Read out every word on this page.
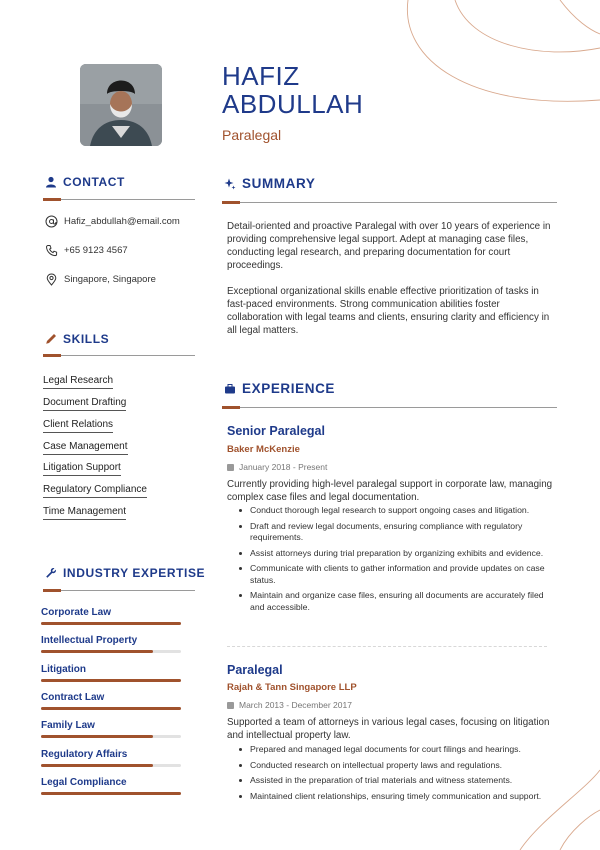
HAFIZ
ABDULLAH
Paralegal
CONTACT
Hafiz_abdullah@email.com
+65 9123 4567
Singapore, Singapore
SKILLS
Legal Research
Document Drafting
Client Relations
Case Management
Litigation Support
Regulatory Compliance
Time Management
INDUSTRY EXPERTISE
Corporate Law
Intellectual Property
Litigation
Contract Law
Family Law
Regulatory Affairs
Legal Compliance
SUMMARY
Detail-oriented and proactive Paralegal with over 10 years of experience in providing comprehensive legal support. Adept at managing case files, conducting legal research, and preparing documentation for court proceedings.
Exceptional organizational skills enable effective prioritization of tasks in fast-paced environments. Strong communication abilities foster collaboration with legal teams and clients, ensuring clarity and efficiency in all legal matters.
EXPERIENCE
Senior Paralegal
Baker McKenzie
January 2018 - Present
Currently providing high-level paralegal support in corporate law, managing complex case files and legal documentation.
Conduct thorough legal research to support ongoing cases and litigation.
Draft and review legal documents, ensuring compliance with regulatory requirements.
Assist attorneys during trial preparation by organizing exhibits and evidence.
Communicate with clients to gather information and provide updates on case status.
Maintain and organize case files, ensuring all documents are accurately filed and accessible.
Paralegal
Rajah & Tann Singapore LLP
March 2013 - December 2017
Supported a team of attorneys in various legal cases, focusing on litigation and intellectual property law.
Prepared and managed legal documents for court filings and hearings.
Conducted research on intellectual property laws and regulations.
Assisted in the preparation of trial materials and witness statements.
Maintained client relationships, ensuring timely communication and support.
